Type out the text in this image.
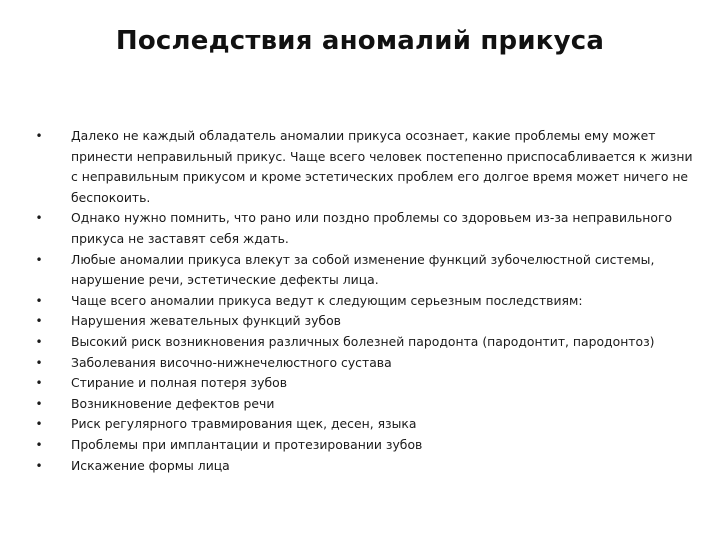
Последствия аномалий прикуса
• Далеко не каждый обладатель аномалии прикуса осознает, какие проблемы ему может принести неправильный прикус. Чаще всего человек постепенно приспосабливается к жизни с неправильным прикусом и кроме эстетических проблем его долгое время может ничего не беспокоить.
• Однако нужно помнить, что рано или поздно проблемы со здоровьем из-за неправильного прикуса не заставят себя ждать.
• Любые аномалии прикуса влекут за собой изменение функций зубочелюстной системы, нарушение речи, эстетические дефекты лица.
• Чаще всего аномалии прикуса ведут к следующим серьезным последствиям:
• Нарушения жевательных функций зубов
• Высокий риск возникновения различных болезней пародонта (пародонтит, пародонтоз)
• Заболевания височно-нижнечелюстного сустава
• Стирание и полная потеря зубов
• Возникновение дефектов речи
• Риск регулярного травмирования щек, десен, языка
• Проблемы при имплантации и протезировании зубов
• Искажение формы лица
